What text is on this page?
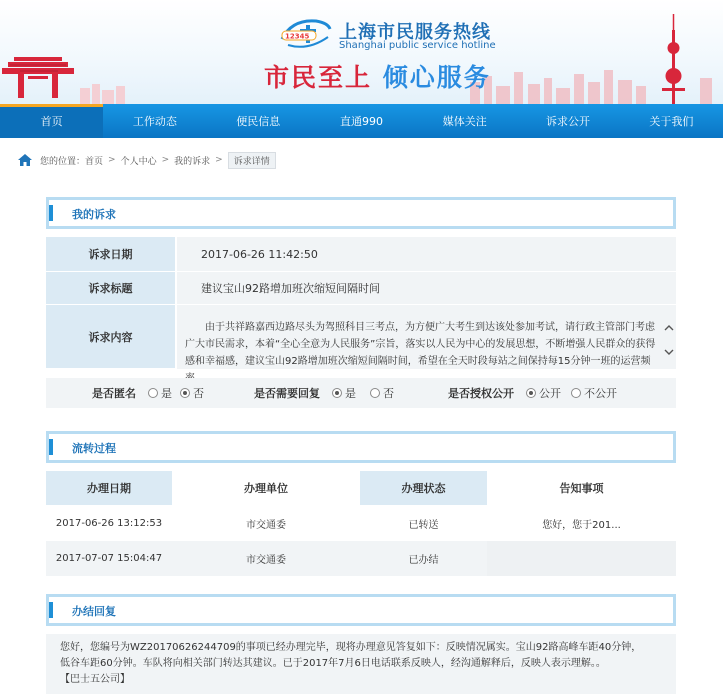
12345 上海市民服务热线
Shanghai public service hotline
市民至上 倾心服务
首页	工作动态	便民信息	直通990	媒体关注	诉求公开	关于我们
您的位置： 首页 > 个人中心 > 我的诉求 >	诉求详情
我的诉求
诉求日期	2017-06-26 11:42:50
诉求标题	建议宝山92路增加班次缩短间隔时间
诉求内容
由于共祥路嘉西边路尽头为驾照科目三考点，为方便广大考生到达该处参加考试，请行政主管部门考虑广大市民需求，本着“全心全意为人民服务”宗旨，落实以人民为中心的发展思想，不断增强人民群众的获得感和幸福感，建议宝山92路增加班次缩短间隔时间，希望在全天时段每站之间保持每15分钟一班的运营频
是否匿名 是 否	是否需要回复 是 否	是否授权公开 公开 不公开
流转过程
办理日期	办理单位	办理状态	告知事项
2017-06-26 13:12:53	市交通委	已转送	您好，您于201...
2017-07-07 15:04:47	市交通委	已办结
办结回复
您好，您编号为WZ20170626244709的事项已经办理完毕，现将办理意见答复如下：反映情况属实。宝山92路高峰车距40分钟，
低谷车距60分钟。车队将向相关部门转达其建议。已于2017年7月6日电话联系反映人，经沟通解释后，反映人表示理解。。
【巴士五公司】
